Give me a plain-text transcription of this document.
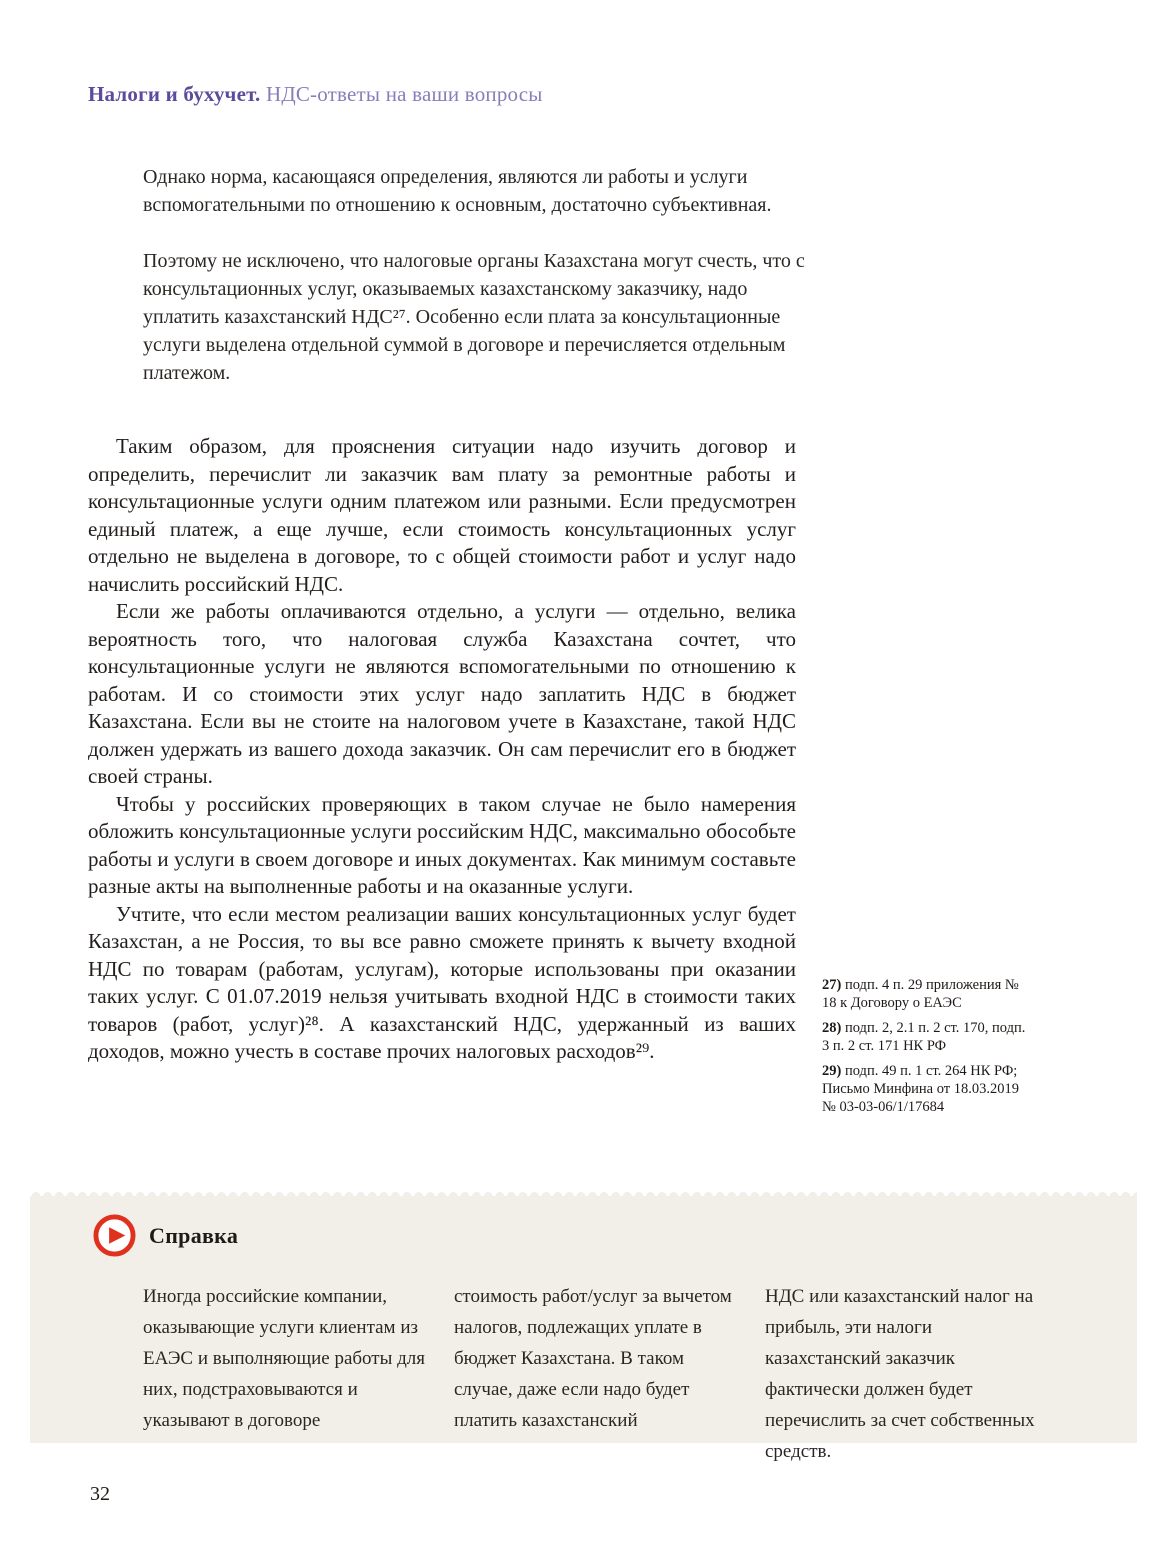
Налоги и бухучет. НДС-ответы на ваши вопросы

Однако норма, касающаяся определения, являются ли работы и услуги вспомогательными по отношению к основным, достаточно субъективная.

Поэтому не исключено, что налоговые органы Казахстана могут счесть, что с консультационных услуг, оказываемых казахстанскому заказчику, надо уплатить казахстанский НДС²⁷. Особенно если плата за консультационные услуги выделена отдельной суммой в договоре и перечисляется отдельным платежом.

Таким образом, для прояснения ситуации надо изучить договор и определить, перечислит ли заказчик вам плату за ремонтные работы и консультационные услуги одним платежом или разными. Если предусмотрен единый платеж, а еще лучше, если стоимость консультационных услуг отдельно не выделена в договоре, то с общей стоимости работ и услуг надо начислить российский НДС.

Если же работы оплачиваются отдельно, а услуги — отдельно, велика вероятность того, что налоговая служба Казахстана сочтет, что консультационные услуги не являются вспомогательными по отношению к работам. И со стоимости этих услуг надо заплатить НДС в бюджет Казахстана. Если вы не стоите на налоговом учете в Казахстане, такой НДС должен удержать из вашего дохода заказчик. Он сам перечислит его в бюджет своей страны.

Чтобы у российских проверяющих в таком случае не было намерения обложить консультационные услуги российским НДС, максимально обособьте работы и услуги в своем договоре и иных документах. Как минимум составьте разные акты на выполненные работы и на оказанные услуги.

Учтите, что если местом реализации ваших консультационных услуг будет Казахстан, а не Россия, то вы все равно сможете принять к вычету входной НДС по товарам (работам, услугам), которые использованы при оказании таких услуг. С 01.07.2019 нельзя учитывать входной НДС в стоимости таких товаров (работ, услуг)²⁸. А казахстанский НДС, удержанный из ваших доходов, можно учесть в составе прочих налоговых расходов²⁹.

27) подп. 4 п. 29 приложения № 18 к Договору о ЕАЭС
28) подп. 2, 2.1 п. 2 ст. 170, подп. 3 п. 2 ст. 171 НК РФ
29) подп. 49 п. 1 ст. 264 НК РФ; Письмо Минфина от 18.03.2019 № 03-03-06/1/17684
Справка
Иногда российские компании, оказывающие услуги клиентам из ЕАЭС и выполняющие работы для них, подстраховываются и указывают в договоре
стоимость работ/услуг за вычетом налогов, подлежащих уплате в бюджет Казахстана. В таком случае, даже если надо будет платить казахстанский
НДС или казахстанский налог на прибыль, эти налоги казахстанский заказчик фактически должен будет перечислить за счет собственных средств.
32
